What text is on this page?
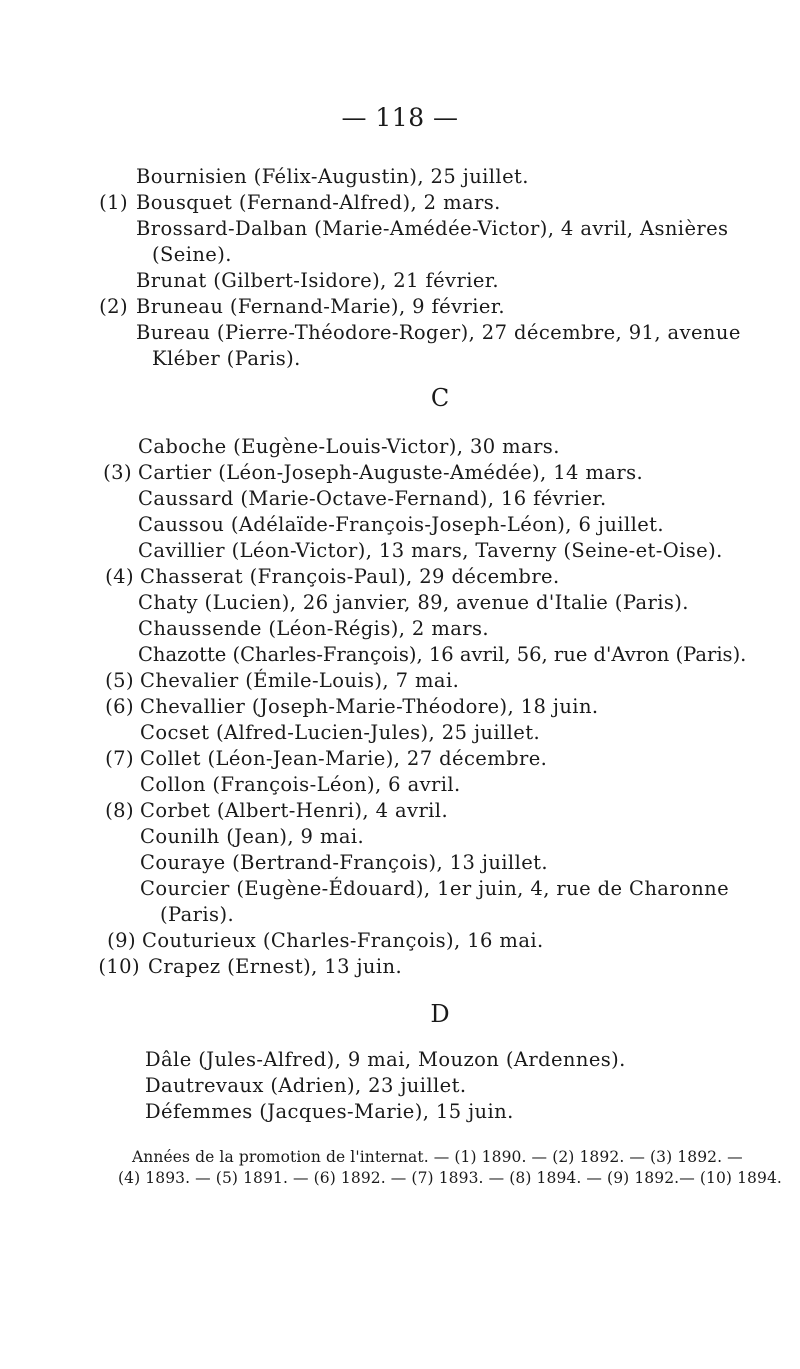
— 118 —
Bournisien (Félix-Augustin), 25 juillet.
(1) Bousquet (Fernand-Alfred), 2 mars.
Brossard-Dalban (Marie-Amédée-Victor), 4 avril, Asnières
(Seine).
Brunat (Gilbert-Isidore), 21 février.
(2) Bruneau (Fernand-Marie), 9 février.
Bureau (Pierre-Théodore-Roger), 27 décembre, 91, avenue
Kléber (Paris).
C
Caboche (Eugène-Louis-Victor), 30 mars.
(3) Cartier (Léon-Joseph-Auguste-Amédée), 14 mars.
Caussard (Marie-Octave-Fernand), 16 février.
Caussou (Adélaïde-François-Joseph-Léon), 6 juillet.
Cavillier (Léon-Victor), 13 mars, Taverny (Seine-et-Oise).
(4) Chasserat (François-Paul), 29 décembre.
Chaty (Lucien), 26 janvier, 89, avenue d'Italie (Paris).
Chaussende (Léon-Régis), 2 mars.
Chazotte (Charles-François), 16 avril, 56, rue d'Avron (Paris).
(5) Chevalier (Émile-Louis), 7 mai.
(6) Chevallier (Joseph-Marie-Théodore), 18 juin.
Cocset (Alfred-Lucien-Jules), 25 juillet.
(7) Collet (Léon-Jean-Marie), 27 décembre.
Collon (François-Léon), 6 avril.
(8) Corbet (Albert-Henri), 4 avril.
Counilh (Jean), 9 mai.
Couraye (Bertrand-François), 13 juillet.
Courcier (Eugène-Édouard), 1er juin, 4, rue de Charonne
(Paris).
(9) Couturieux (Charles-François), 16 mai.
(10) Crapez (Ernest), 13 juin.
D
Dâle (Jules-Alfred), 9 mai, Mouzon (Ardennes).
Dautrevaux (Adrien), 23 juillet.
Défemmes (Jacques-Marie), 15 juin.
Années de la promotion de l'internat. — (1) 1890. — (2) 1892. — (3) 1892. —
(4) 1893. — (5) 1891. — (6) 1892. — (7) 1893. — (8) 1894. — (9) 1892.— (10) 1894.
